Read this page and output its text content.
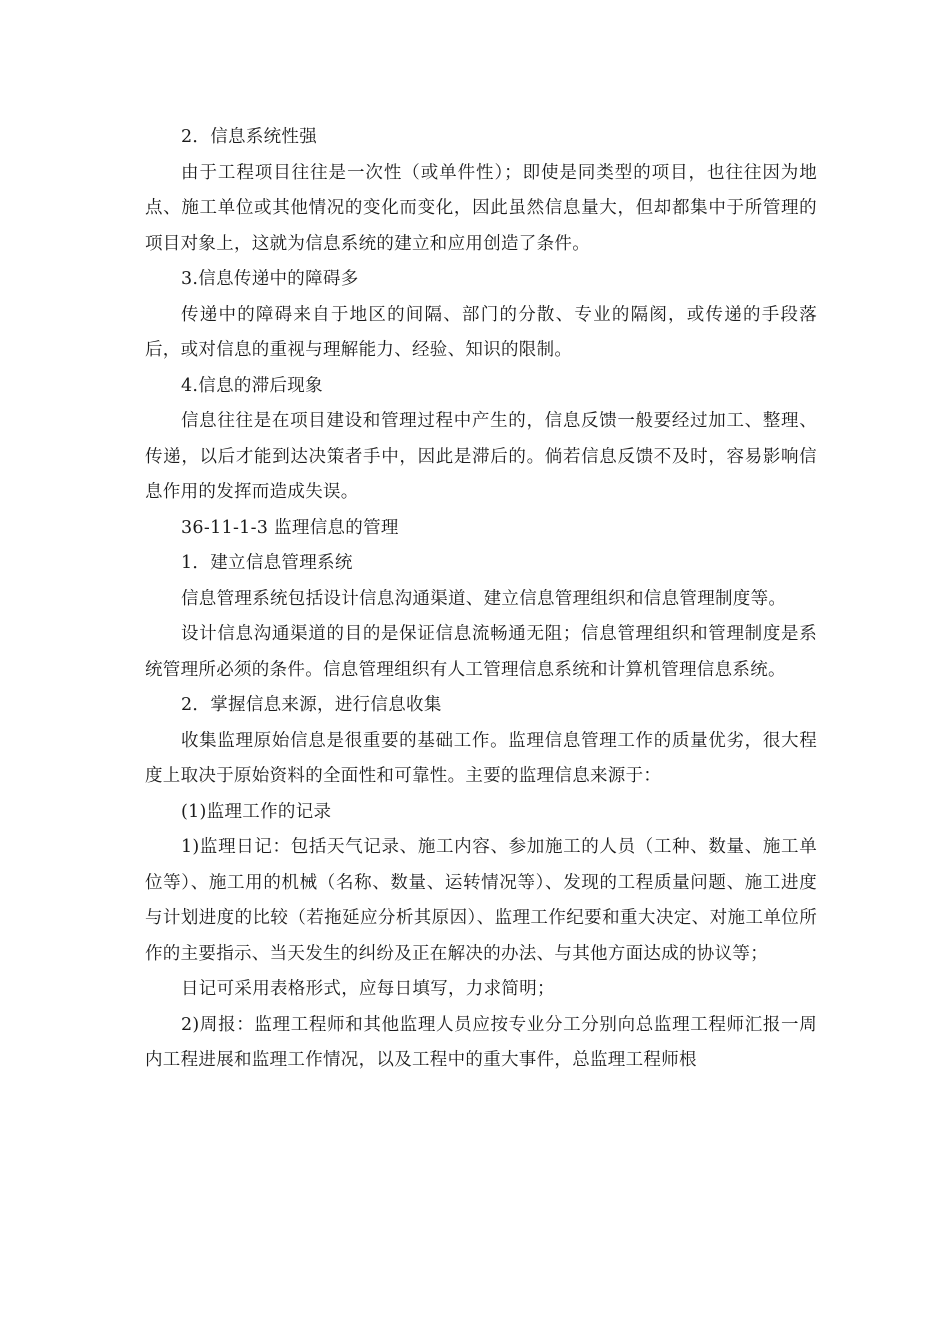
2．信息系统性强

由于工程项目往往是一次性（或单件性）；即使是同类型的项目，也往往因为地点、施工单位或其他情况的变化而变化，因此虽然信息量大，但却都集中于所管理的项目对象上，这就为信息系统的建立和应用创造了条件。

3.信息传递中的障碍多

传递中的障碍来自于地区的间隔、部门的分散、专业的隔阂，或传递的手段落后，或对信息的重视与理解能力、经验、知识的限制。

4.信息的滞后现象

信息往往是在项目建设和管理过程中产生的，信息反馈一般要经过加工、整理、传递，以后才能到达决策者手中，因此是滞后的。倘若信息反馈不及时，容易影响信息作用的发挥而造成失误。

36-11-1-3 监理信息的管理

1．建立信息管理系统

信息管理系统包括设计信息沟通渠道、建立信息管理组织和信息管理制度等。

设计信息沟通渠道的目的是保证信息流畅通无阻；信息管理组织和管理制度是系统管理所必须的条件。信息管理组织有人工管理信息系统和计算机管理信息系统。

2．掌握信息来源，进行信息收集

收集监理原始信息是很重要的基础工作。监理信息管理工作的质量优劣，很大程度上取决于原始资料的全面性和可靠性。主要的监理信息来源于：

(1)监理工作的记录

1)监理日记：包括天气记录、施工内容、参加施工的人员（工种、数量、施工单位等）、施工用的机械（名称、数量、运转情况等）、发现的工程质量问题、施工进度与计划进度的比较（若拖延应分析其原因）、监理工作纪要和重大决定、对施工单位所作的主要指示、当天发生的纠纷及正在解决的办法、与其他方面达成的协议等；

日记可采用表格形式，应每日填写，力求简明；

2)周报：监理工程师和其他监理人员应按专业分工分别向总监理工程师汇报一周内工程进展和监理工作情况，以及工程中的重大事件，总监理工程师根
